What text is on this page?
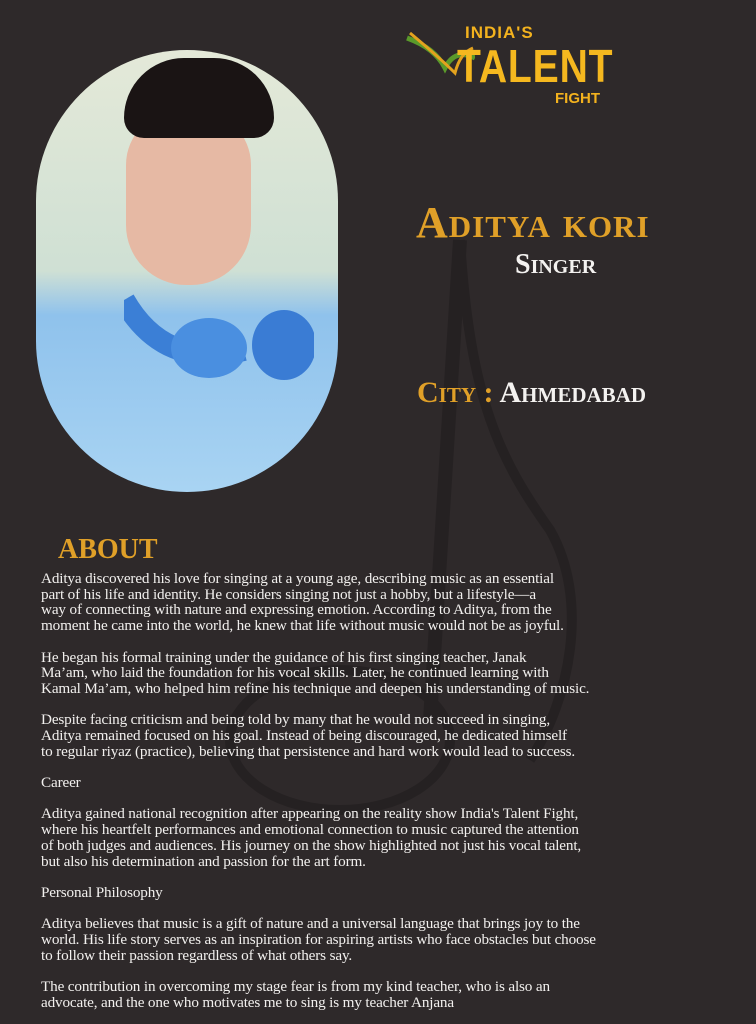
INDIA'S
TALENT
FIGHT
Aditya kori
Singer
City : Ahmedabad
ABOUT
Aditya discovered his love for singing at a young age, describing music as an essential
part of his life and identity. He considers singing not just a hobby, but a lifestyle—a
way of connecting with nature and expressing emotion. According to Aditya, from the
moment he came into the world, he knew that life without music would not be as joyful.
He began his formal training under the guidance of his first singing teacher, Janak
Ma’am, who laid the foundation for his vocal skills. Later, he continued learning with
Kamal Ma’am, who helped him refine his technique and deepen his understanding of music.
Despite facing criticism and being told by many that he would not succeed in singing,
Aditya remained focused on his goal. Instead of being discouraged, he dedicated himself
to regular riyaz (practice), believing that persistence and hard work would lead to success.
Career
Aditya gained national recognition after appearing on the reality show India's Talent Fight,
where his heartfelt performances and emotional connection to music captured the attention
of both judges and audiences. His journey on the show highlighted not just his vocal talent,
but also his determination and passion for the art form.
Personal Philosophy
Aditya believes that music is a gift of nature and a universal language that brings joy to the
world. His life story serves as an inspiration for aspiring artists who face obstacles but choose
to follow their passion regardless of what others say.
The contribution in overcoming my stage fear is from my kind teacher, who is also an
advocate, and the one who motivates me to sing is my teacher Anjana
